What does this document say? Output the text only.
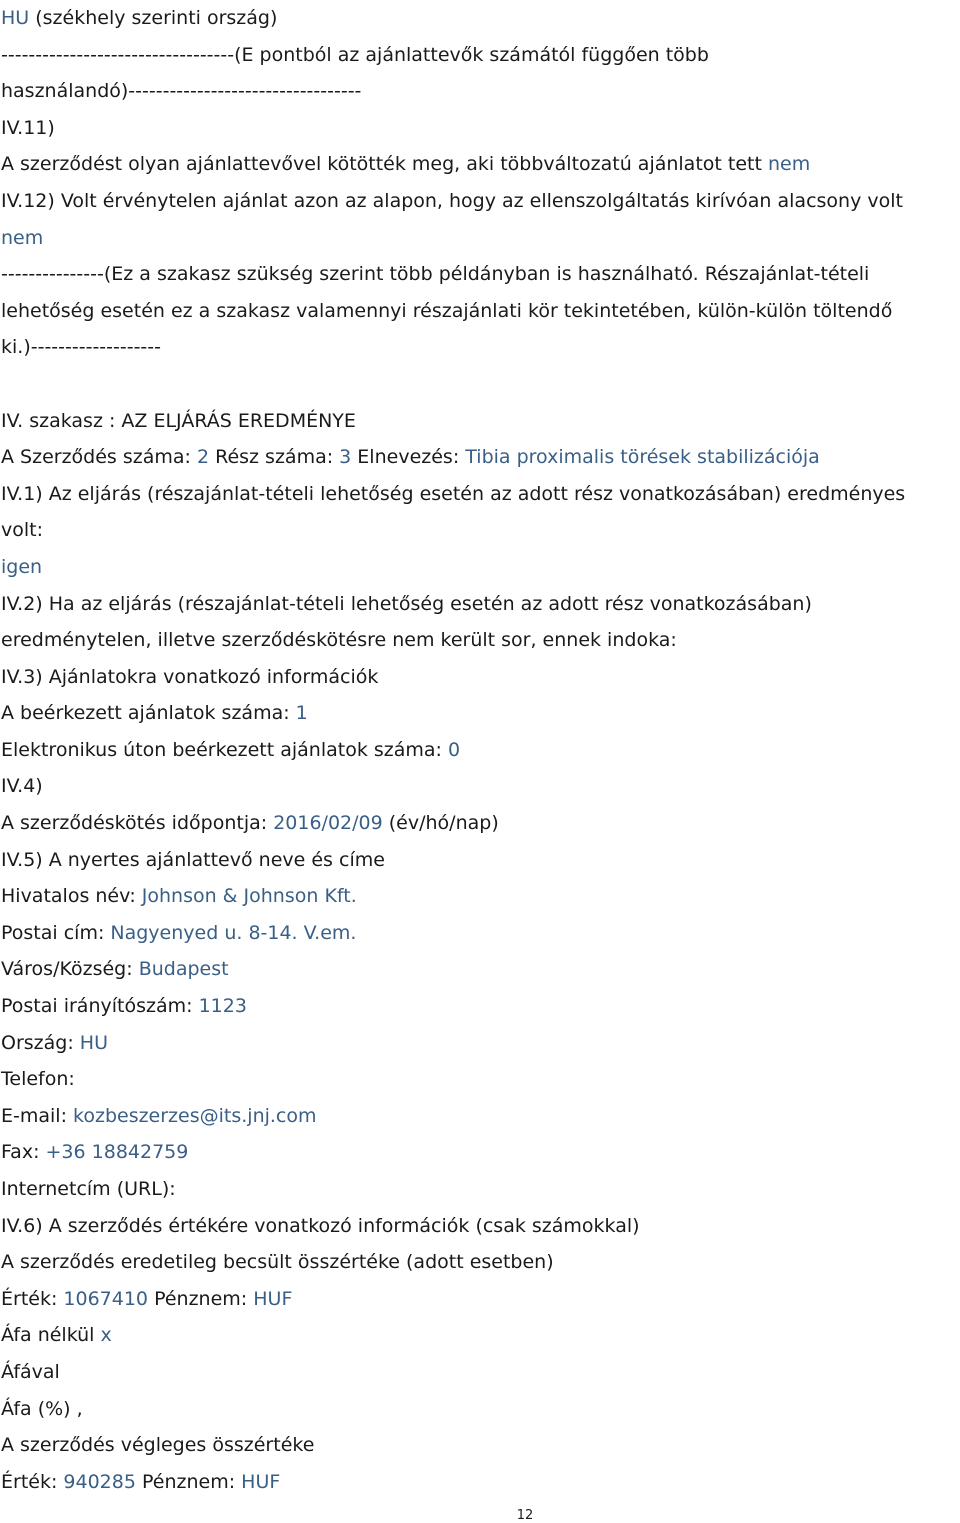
HU (székhely szerinti ország)
----------------------------------(E pontból az ajánlattevők számától függően több
használandó)----------------------------------
IV.11)
A szerződést olyan ajánlattevővel kötötték meg, aki többváltozatú ajánlatot tett nem
IV.12) Volt érvénytelen ajánlat azon az alapon, hogy az ellenszolgáltatás kirívóan alacsony volt
nem
---------------(Ez a szakasz szükség szerint több példányban is használható. Részajánlat-tételi
lehetőség esetén ez a szakasz valamennyi részajánlati kör tekintetében, külön-külön töltendő
ki.)-------------------
IV. szakasz : AZ ELJÁRÁS EREDMÉNYE
A Szerződés száma: 2 Rész száma: 3 Elnevezés: Tibia proximalis törések stabilizációja
IV.1) Az eljárás (részajánlat-tételi lehetőség esetén az adott rész vonatkozásában) eredményes
volt:
igen
IV.2) Ha az eljárás (részajánlat-tételi lehetőség esetén az adott rész vonatkozásában)
eredménytelen, illetve szerződéskötésre nem került sor, ennek indoka:
IV.3) Ajánlatokra vonatkozó információk
A beérkezett ajánlatok száma: 1
Elektronikus úton beérkezett ajánlatok száma: 0
IV.4)
A szerződéskötés időpontja: 2016/02/09 (év/hó/nap)
IV.5) A nyertes ajánlattevő neve és címe
Hivatalos név: Johnson & Johnson Kft.
Postai cím: Nagyenyed u. 8-14. V.em.
Város/Község: Budapest
Postai irányítószám: 1123
Ország: HU
Telefon:
E-mail: kozbeszerzes@its.jnj.com
Fax: +36 18842759
Internetcím (URL):
IV.6) A szerződés értékére vonatkozó információk (csak számokkal)
A szerződés eredetileg becsült összértéke (adott esetben)
Érték: 1067410 Pénznem: HUF
Áfa nélkül x
Áfával
Áfa (%) ,
A szerződés végleges összértéke
Érték: 940285 Pénznem: HUF
12
